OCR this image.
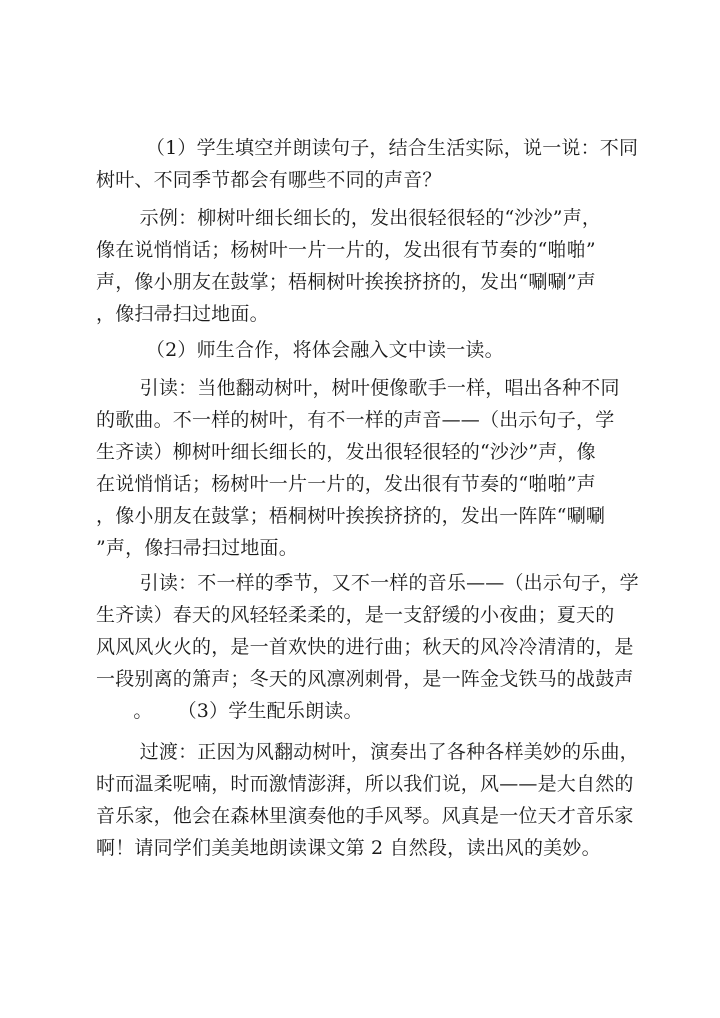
（1）学生填空并朗读句子，结合生活实际，说一说：不同
树叶、不同季节都会有哪些不同的声音？
示例：柳树叶细长细长的，发出很轻很轻的“沙沙”声，
像在说悄悄话；杨树叶一片一片的，发出很有节奏的“啪啪”
声，像小朋友在鼓掌；梧桐树叶挨挨挤挤的，发出“唰唰”声
，像扫帚扫过地面。
（2）师生合作，将体会融入文中读一读。
引读：当他翻动树叶，树叶便像歌手一样，唱出各种不同
的歌曲。不一样的树叶，有不一样的声音——（出示句子，学
生齐读）柳树叶细长细长的，发出很轻很轻的“沙沙”声，像
在说悄悄话；杨树叶一片一片的，发出很有节奏的“啪啪”声
，像小朋友在鼓掌；梧桐树叶挨挨挤挤的，发出一阵阵“唰唰
”声，像扫帚扫过地面。
引读：不一样的季节，又不一样的音乐——（出示句子，学
生齐读）春天的风轻轻柔柔的，是一支舒缓的小夜曲；夏天的
风风风火火的，是一首欢快的进行曲；秋天的风冷冷清清的，是
一段别离的箫声；冬天的风凛冽刺骨，是一阵金戈铁马的战鼓声
。    （3）学生配乐朗读。
过渡：正因为风翻动树叶，演奏出了各种各样美妙的乐曲，
时而温柔呢喃，时而激情澎湃，所以我们说，风——是大自然的
音乐家，他会在森林里演奏他的手风琴。风真是一位天才音乐家
啊！请同学们美美地朗读课文第 2 自然段，读出风的美妙。
